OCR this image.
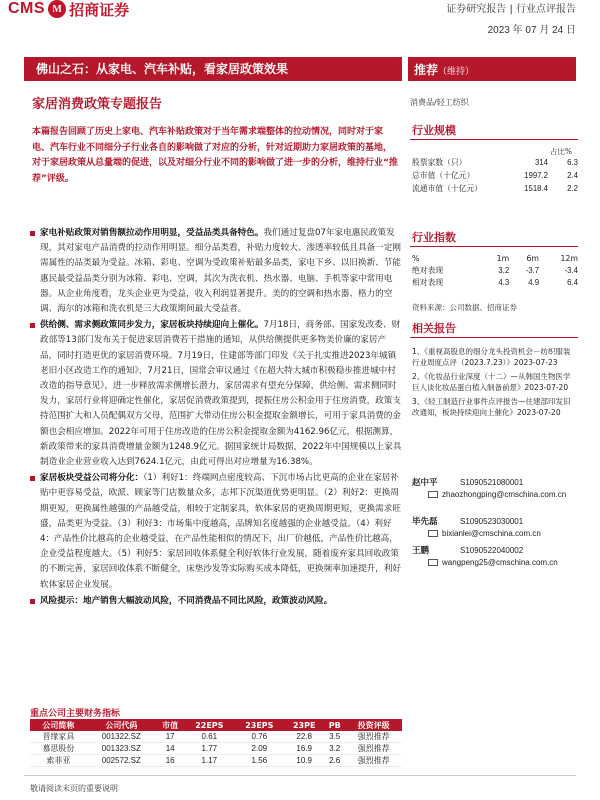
CMS M 招商证券	证券研究报告 | 行业点评报告
2023 年 07 月 24 日
佛山之石：从家电、汽车补贴，看家居政策效果	推荐（维持）
家居消费政策专题报告	消费品/轻工纺织
本篇报告回顾了历史上家电、汽车补贴政策对于当年需求端整体的拉动情况，同时对于家电、汽车行业不同细分子行业各自的影响做了对应的分析，针对近期助力家居政策的基地，对于家居政策从总量端的促进，以及对细分行业不同的影响做了进一步的分析，维持行业“推荐”评级。
家电补贴政策对销售额拉动作用明显，受益品类具备特色。我们通过复盘07年家电惠民政策发现，其对家电产品消费的拉动作用明显。细分品类看，补贴力度较大、渗透率较低且具备一定刚需属性的品类最为受益。冰箱、彩电、空调为受政策补贴最多品类，家电下乡、以旧换新、节能惠民最受益品类分别为冰箱、彩电、空调，其次为洗衣机、热水器、电脑、手机等家中常用电器。从企业角度看，龙头企业更为受益，收入利润显著提升。美的的空调和热水器、格力的空调、海尔的冰箱和洗衣机是三大政策期间最大受益者。
供给侧、需求侧政策同步发力，家居板块持续迎向上催化。7月18日，商务部、国家发改委、财政部等13部门发布关于促进家居消费若干措施的通知，从供给侧提供更多物美价廉的家居产品，同时打造更优的家居消费环境。7月19日，住建部等部门印发《关于扎实推进2023年城镇老旧小区改造工作的通知》，7月21日，国常会审议通过《在超大特大城市积极稳步推进城中村改造的指导意见》，进一步释放需求侧增长潜力，家居需求有望充分保障，供给侧、需求侧同时发力，家居行业将迎确定性催化，家居促消费政策提到，提振住房公积金用于住房消费，政策支持范围扩大和人员配偶双方父母，范围扩大带动住房公积金提取金额增长，可用于家具消费的金额也会相应增加。2022年可用于住房改造的住房公积金提取金额为4162.96亿元，根据测算，新政策带来的家具消费增量金额为1248.9亿元。据国家统计局数据，2022年中国规模以上家具制造业企业营业收入达到7624.1亿元，由此可得出对应增量为16.38%。
家居板块受益公司将分化：（1）利好1：终端网点密度较高、下沉市场占比更高的企业在家居补贴中更容易受益，欧派、顾家等门店数量众多，志邦下沉渠道优势更明显。（2）利好2：更换周期更短，更换属性越强的产品越受益，相较于定制家具，软体家居的更换周期更短，更换需求旺盛，品类更为受益。（3）利好3：市场集中度越高，品牌知名度越强的企业越受益。（4）利好4：产品性价比越高的企业越受益，在产品性能相似的情况下，出厂价越低，产品性价比越高，企业受益程度越大。（5）利好5：家居回收体系健全利好软体行业发展，随着废弃家具回收政策的不断完善，家居回收体系不断健全，床垫沙发等实际购买成本降低，更换频率加速提升，利好软体家居企业发展。
风险提示：地产销售大幅波动风险，不同消费品不同比风险，政策波动风险。
行业规模
占比%
股票家数（只）	314	6.3
总市值（十亿元）	1997.2	2.4
流通市值（十亿元）	1518.4	2.2
行业指数
%	1m	6m	12m
绝对表现	3.2	-3.7	-3.4
相对表现	4.3	4.9	6.4
资料来源：公司数据、招商证券
相关报告
1、《重视高股息的细分龙头投资机会－纺织服装行业周度点评（2023.7.23）》2023-07-23
2、《化妆品行业深度（十二）—从韩国生物医学巨人谈化妆品蛋白植入制备前景》2023-07-20
3、《轻工制造行业事件点评报告—住建部印发旧改通知，板块持续迎向上催化》2023-07-20
赵中平	S1090521080001
zhaozhongping@cmschina.com.cn
毕先磊	S1090523030001
bixianlei@cmschina.com.cn
王鹏	S1090522040002
wangpeng25@cmschina.com.cn
重点公司主要财务指标
公司简称	公司代码	市值	22EPS	23EPS	23PE	PB	投资评级
晋缘家具	001322.SZ	17	0.61	0.76	22.8	3.5	强烈推荐
慕思股份	001323.SZ	14	1.77	2.09	16.9	3.2	强烈推荐
索菲亚	002572.SZ	16	1.17	1.56	10.9	2.6	强烈推荐
敬请阅读末页的重要说明
